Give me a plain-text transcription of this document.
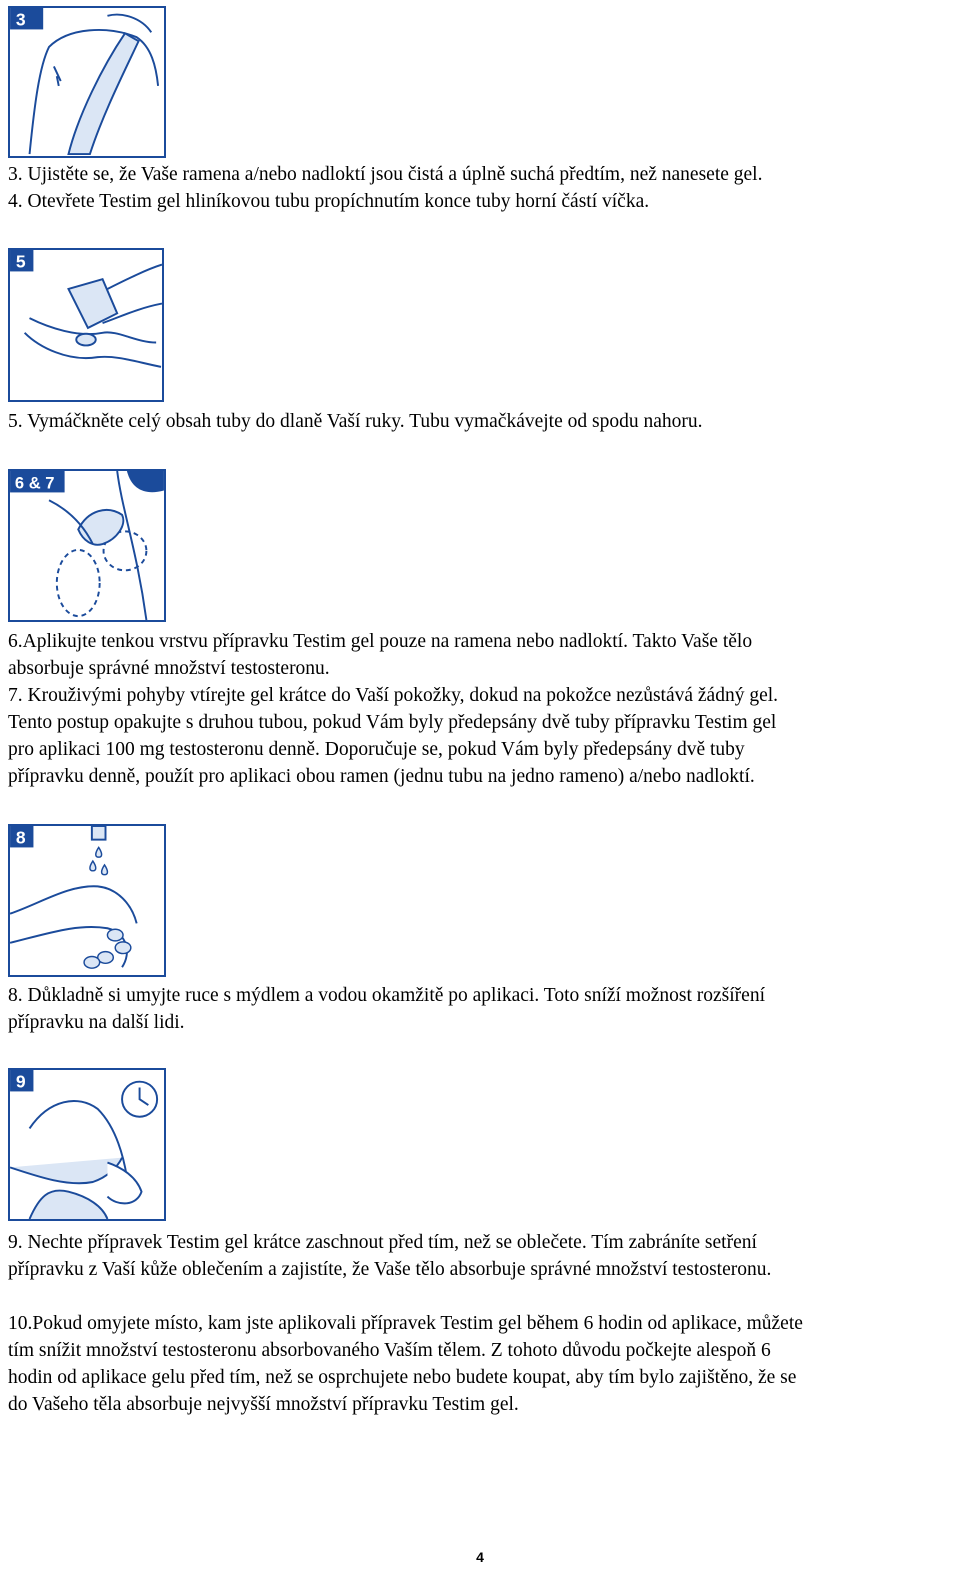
3

3. Ujistěte se, že Vaše ramena a/nebo nadloktí jsou čistá a úplně suchá předtím, než nanesete gel.
4. Otevřete Testim gel hliníkovou tubu propíchnutím konce tuby horní částí víčka.

5

5. Vymáčkněte celý obsah tuby do dlaně Vaší ruky. Tubu vymačkávejte od spodu nahoru.

6 & 7

6.Aplikujte tenkou vrstvu přípravku Testim gel pouze na ramena nebo nadloktí. Takto Vaše tělo
absorbuje správné množství testosteronu.
7. Krouživými pohyby vtírejte gel krátce do Vaší pokožky, dokud na pokožce nezůstává žádný gel.
Tento postup opakujte s druhou tubou, pokud Vám byly předepsány dvě tuby přípravku Testim gel
pro aplikaci 100 mg testosteronu denně. Doporučuje se, pokud Vám byly předepsány dvě tuby
přípravku denně, použít pro aplikaci obou ramen (jednu tubu na jedno rameno) a/nebo nadloktí.

8

8. Důkladně si umyjte ruce s mýdlem a vodou okamžitě po aplikaci. Toto sníží možnost rozšíření
přípravku na další lidi.

9

9. Nechte přípravek Testim gel krátce zaschnout před tím, než se oblečete. Tím zabráníte setření
přípravku z Vaší kůže oblečením a zajistíte, že Vaše tělo absorbuje správné množství testosteronu.

10.Pokud omyjete místo, kam jste aplikovali přípravek Testim gel během 6 hodin od aplikace, můžete
tím snížit množství testosteronu absorbovaného Vaším tělem. Z tohoto důvodu počkejte alespoň 6
hodin od aplikace gelu před tím, než se osprchujete nebo budete koupat, aby tím bylo zajištěno, že se
do Vašeho těla absorbuje nejvyšší množství přípravku Testim gel.

4
